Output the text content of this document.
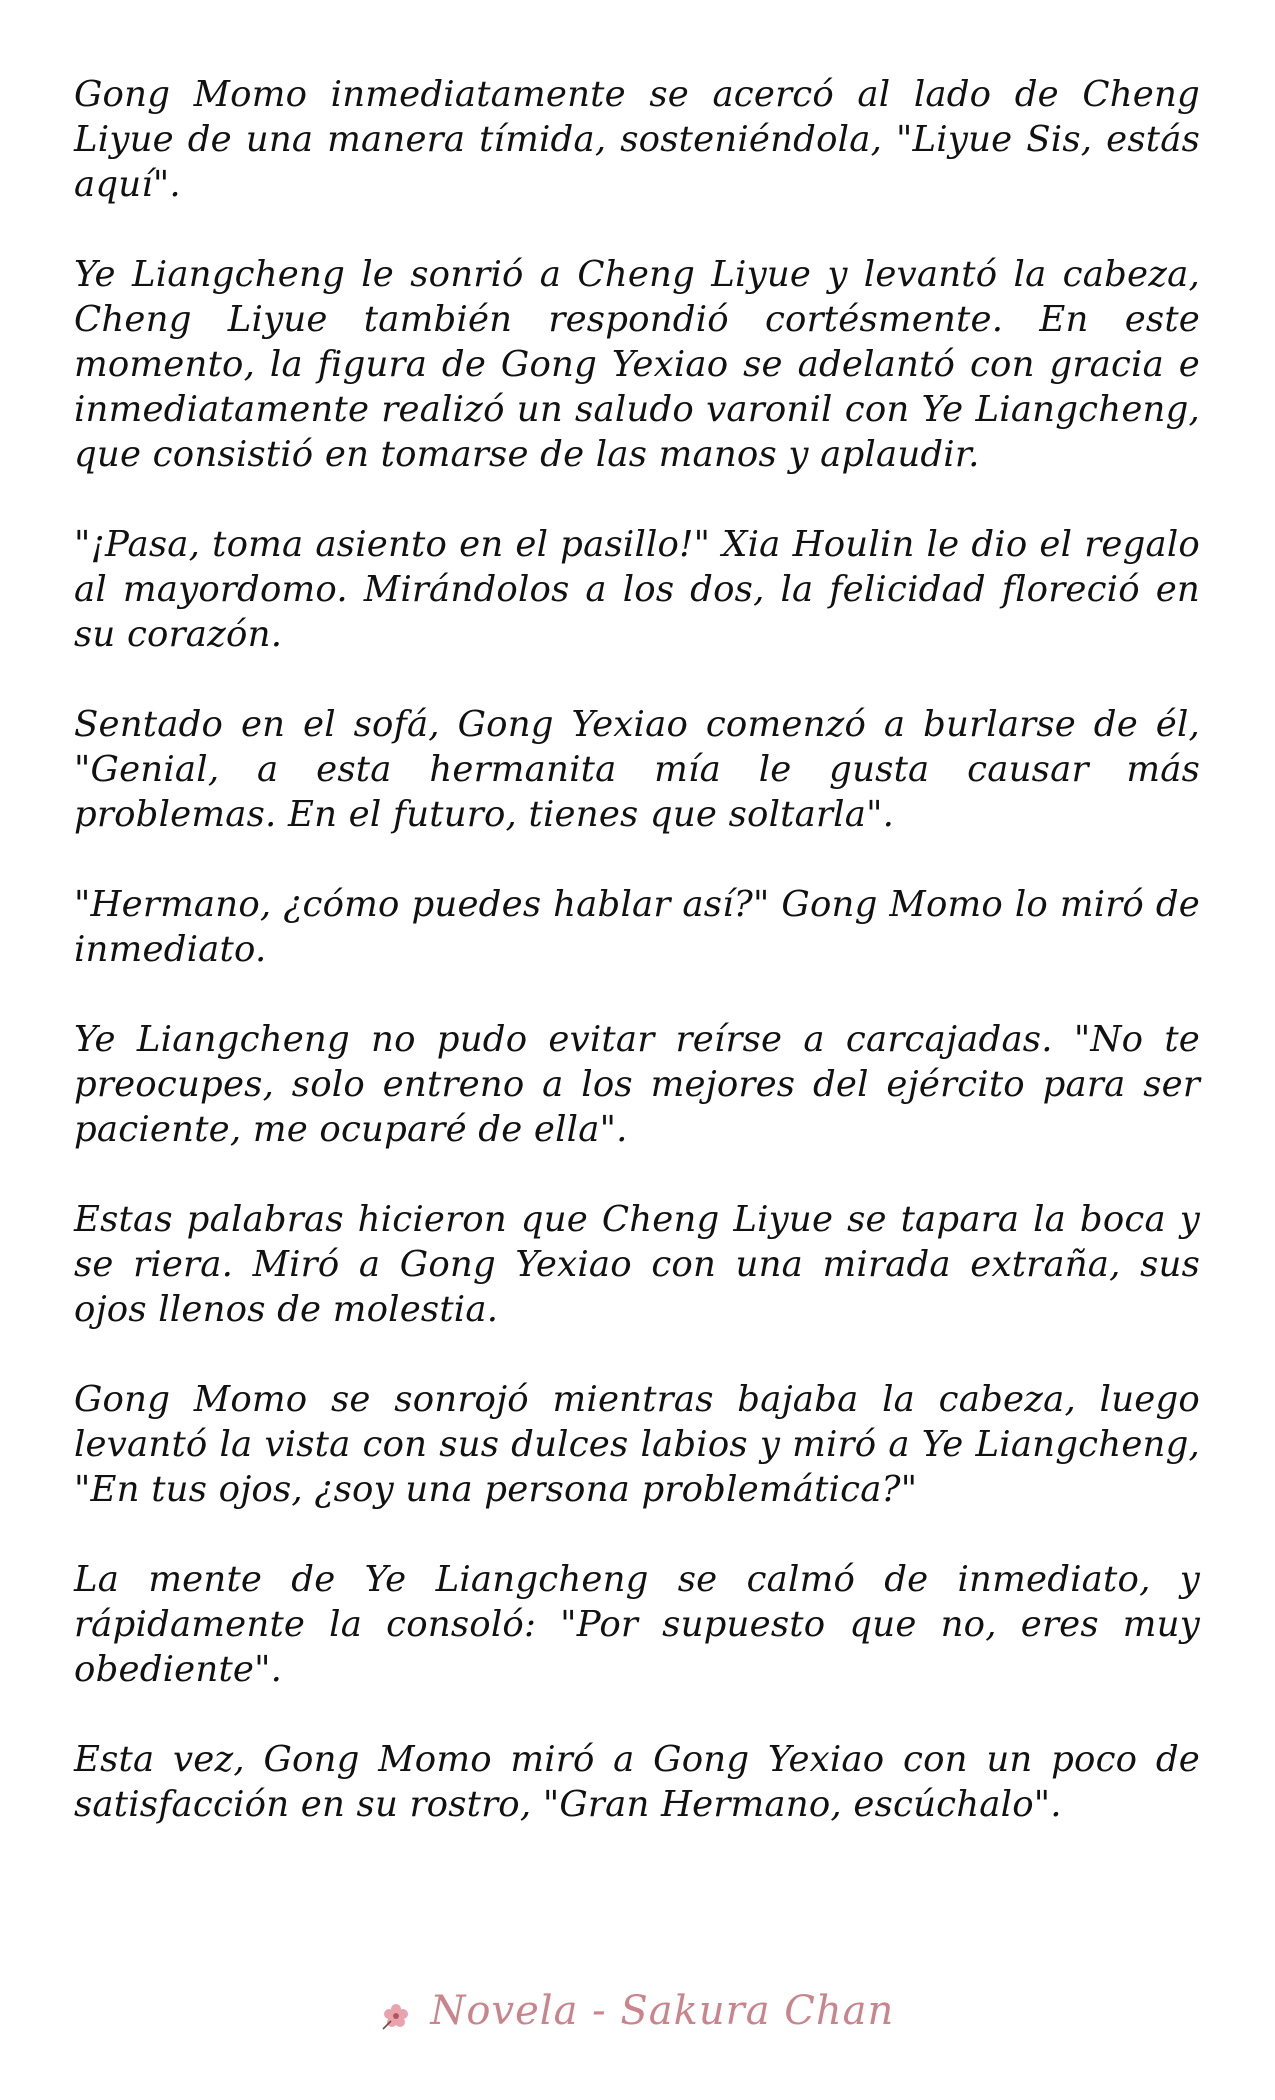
Gong Momo inmediatamente se acercó al lado de Cheng Liyue de una manera tímida, sosteniéndola, "Liyue Sis, estás aquí".

Ye Liangcheng le sonrió a Cheng Liyue y levantó la cabeza, Cheng Liyue también respondió cortésmente. En este momento, la figura de Gong Yexiao se adelantó con gracia e inmediatamente realizó un saludo varonil con Ye Liangcheng, que consistió en tomarse de las manos y aplaudir.

"¡Pasa, toma asiento en el pasillo!" Xia Houlin le dio el regalo al mayordomo. Mirándolos a los dos, la felicidad floreció en su corazón.

Sentado en el sofá, Gong Yexiao comenzó a burlarse de él, "Genial, a esta hermanita mía le gusta causar más problemas. En el futuro, tienes que soltarla".

"Hermano, ¿cómo puedes hablar así?" Gong Momo lo miró de inmediato.

Ye Liangcheng no pudo evitar reírse a carcajadas. "No te preocupes, solo entreno a los mejores del ejército para ser paciente, me ocuparé de ella".

Estas palabras hicieron que Cheng Liyue se tapara la boca y se riera. Miró a Gong Yexiao con una mirada extraña, sus ojos llenos de molestia.

Gong Momo se sonrojó mientras bajaba la cabeza, luego levantó la vista con sus dulces labios y miró a Ye Liangcheng, "En tus ojos, ¿soy una persona problemática?"

La mente de Ye Liangcheng se calmó de inmediato, y rápidamente la consoló: "Por supuesto que no, eres muy obediente".

Esta vez, Gong Momo miró a Gong Yexiao con un poco de satisfacción en su rostro, "Gran Hermano, escúchalo".

Novela - Sakura Chan
